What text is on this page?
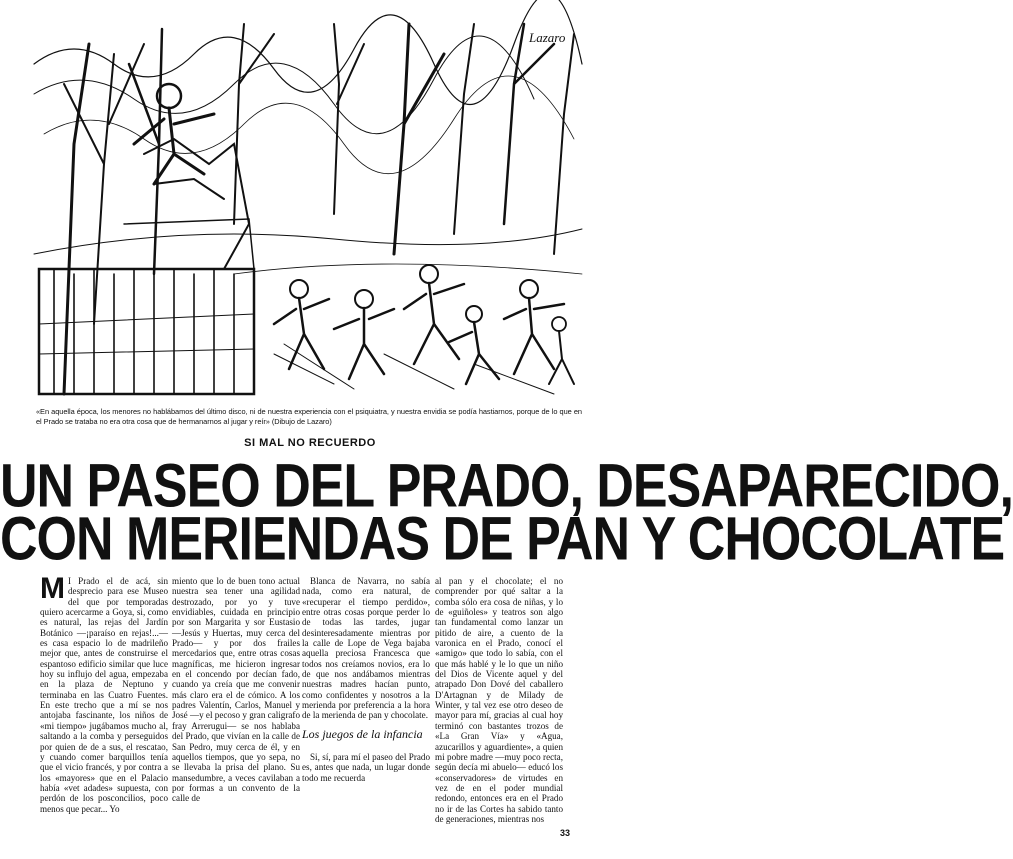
Lazaro
«En aquella época, los menores no hablábamos del último disco, ni de nuestra experiencia con el psiquiatra, y nuestra envidia se podía hastiarnos, porque de lo que en el Prado se trataba no era otra cosa que de hermanarnos al jugar y reír» (Dibujo de Lazaro)
SI MAL NO RECUERDO
UN PASEO DEL PRADO, DESAPARECIDO,
CON MERIENDAS DE PAN Y CHOCOLATE
M I Prado el de acá, sin desprecio para ese Museo del que por temporadas quiero acercarme a Goya, si, como es natural, las rejas del Jardín Botánico —¡paraíso en rejas!...— es casa espacio lo de madrileño mejor que, antes de construirse el espantoso edificio similar que luce hoy su influjo del agua, empezaba en la plaza de Neptuno y terminaba en las Cuatro Fuentes. En este trecho que a mí se nos antojaba fascinante, los niños de «mi tiempo» jugábamos mucho al, saltando a la comba y perseguidos por quien de de a sus, el rescatao, y cuando comer barquillos tenía que el vicio francés, y por contra a los «mayores» que en el Palacio había «vet adades» supuesta, con perdón de los posconcilios, poco menos que pecar... Yo
miento que lo de buen tono actual nuestra sea tener una agilidad destrozado, por yo y tuve envidiables, cuidada en principio por son Margarita y sor Eustasio —Jesús y Huertas, muy cerca del Prado— y por dos frailes mercedarios que, entre otras cosas magníficas, me hicieron ingresar en el concendo por decían fado, cuando ya creía que me convenir más claro era el de cómico. A los padres Valentín, Carlos, Manuel y José —y el pecoso y gran caligrafo fray Arrerugui— se nos hablaba del Prado, que vivían en la calle de San Pedro, muy cerca de él, y en aquellos tiempos, que yo sepa, no se llevaba la prisa del plano. Su mansedumbre, a veces cavilaban a por formas a un convento de la calle de

Blanca de Navarra, no sabía nada, como era natural, de «recuperar el tiempo perdido», entre otras cosas porque perder lo de todas las tardes, jugar desinteresadamente mientras por la calle de Lope de Vega bajaba aquella preciosa Francesca que todos nos creíamos novios, era lo de que nos andábamos mientras nuestras madres hacían punto, como confidentes y nosotros a la merienda por preferencia a la hora de la merienda de pan y chocolate.

Los juegos de la infancia

Si, sí, para mí el paseo del Prado es, antes que nada, un lugar donde todo me recuerda

al pan y el chocolate; el no comprender por qué saltar a la comba sólo era cosa de niñas, y lo de «guiñoles» y teatros son algo tan fundamental como lanzar un pitido de aire, a cuento de la varonica en el Prado, conocí el «amigo» que todo lo sabía, con el que más hablé y le lo que un niño del Dios de Vicente aquel y del atrapado Don Dové del caballero D'Artagnan y de Milady de Winter, y tal vez ese otro deseo de mayor para mí, gracias al cual hoy terminó con bastantes trozos de «La Gran Vía» y «Agua, azucarillos y aguardiente», a quien mi pobre madre —muy poco recta, según decía mi abuelo— educó los «conservadores» de virtudes en vez de en el poder mundial redondo, entonces era en el Prado no ir de las Cortes ha sabido tanto de generaciones, mientras nos
33
